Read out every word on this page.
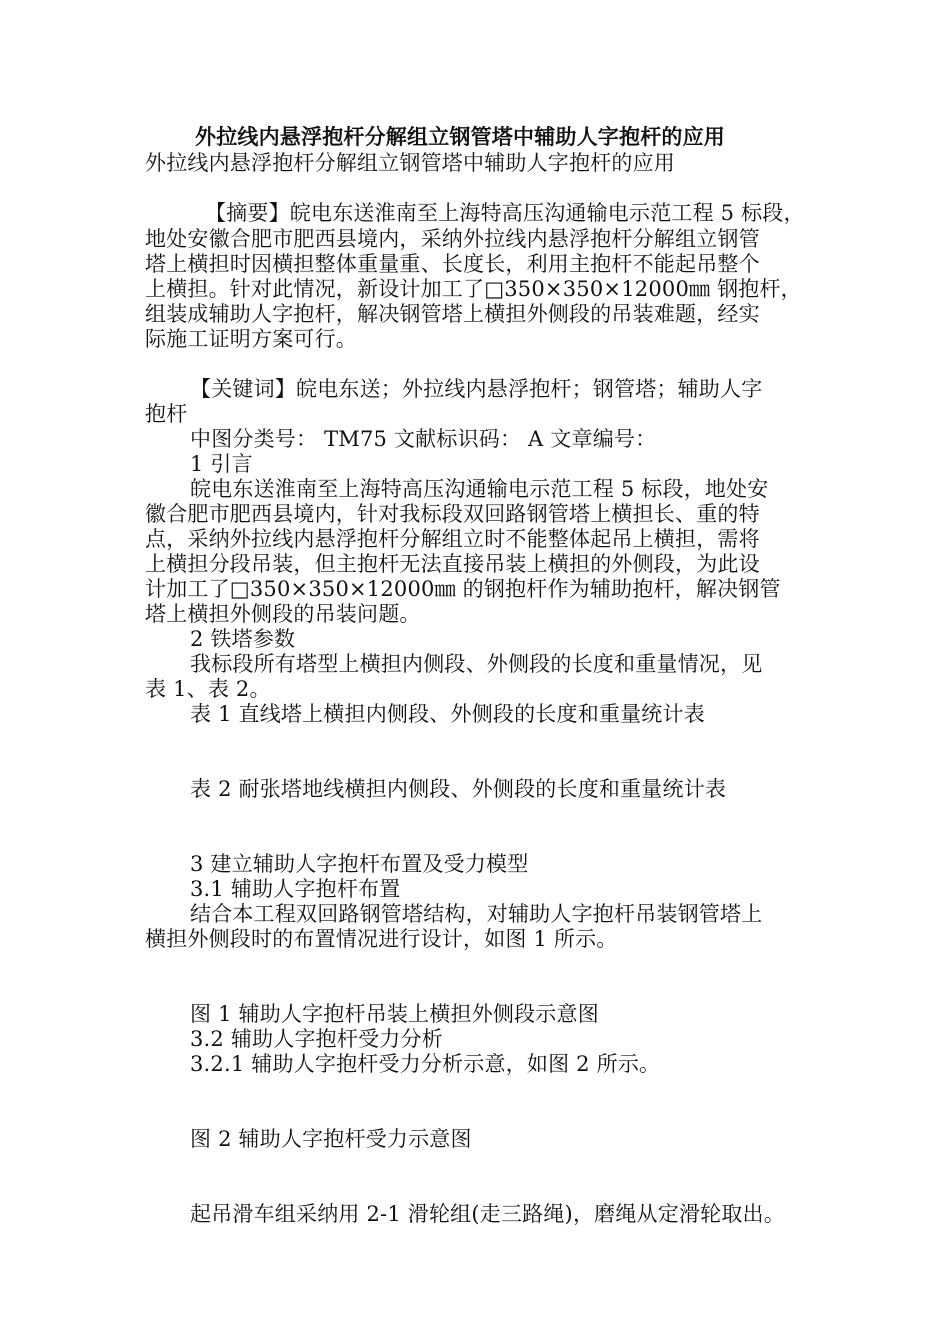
外拉线内悬浮抱杆分解组立钢管塔中辅助人字抱杆的应用
外拉线内悬浮抱杆分解组立钢管塔中辅助人字抱杆的应用
【摘要】皖电东送淮南至上海特高压沟通输电示范工程 5 标段，
地处安徽合肥市肥西县境内，采纳外拉线内悬浮抱杆分解组立钢管
塔上横担时因横担整体重量重、长度长，利用主抱杆不能起吊整个
上横担。针对此情况，新设计加工了□350×350×12000㎜ 钢抱杆，
组装成辅助人字抱杆，解决钢管塔上横担外侧段的吊装难题，经实
际施工证明方案可行。
【关键词】皖电东送；外拉线内悬浮抱杆；钢管塔；辅助人字
抱杆
中图分类号： TM75 文献标识码： A 文章编号：
1 引言
皖电东送淮南至上海特高压沟通输电示范工程 5 标段，地处安
徽合肥市肥西县境内，针对我标段双回路钢管塔上横担长、重的特
点，采纳外拉线内悬浮抱杆分解组立时不能整体起吊上横担，需将
上横担分段吊装，但主抱杆无法直接吊装上横担的外侧段，为此设
计加工了□350×350×12000㎜ 的钢抱杆作为辅助抱杆，解决钢管
塔上横担外侧段的吊装问题。
2 铁塔参数
我标段所有塔型上横担内侧段、外侧段的长度和重量情况，见
表 1、表 2。
表 1 直线塔上横担内侧段、外侧段的长度和重量统计表
表 2 耐张塔地线横担内侧段、外侧段的长度和重量统计表
3 建立辅助人字抱杆布置及受力模型
3.1 辅助人字抱杆布置
结合本工程双回路钢管塔结构，对辅助人字抱杆吊装钢管塔上
横担外侧段时的布置情况进行设计，如图 1 所示。
图 1 辅助人字抱杆吊装上横担外侧段示意图
3.2 辅助人字抱杆受力分析
3.2.1 辅助人字抱杆受力分析示意，如图 2 所示。
图 2 辅助人字抱杆受力示意图
起吊滑车组采纳用 2-1 滑轮组(走三路绳)，磨绳从定滑轮取出。
